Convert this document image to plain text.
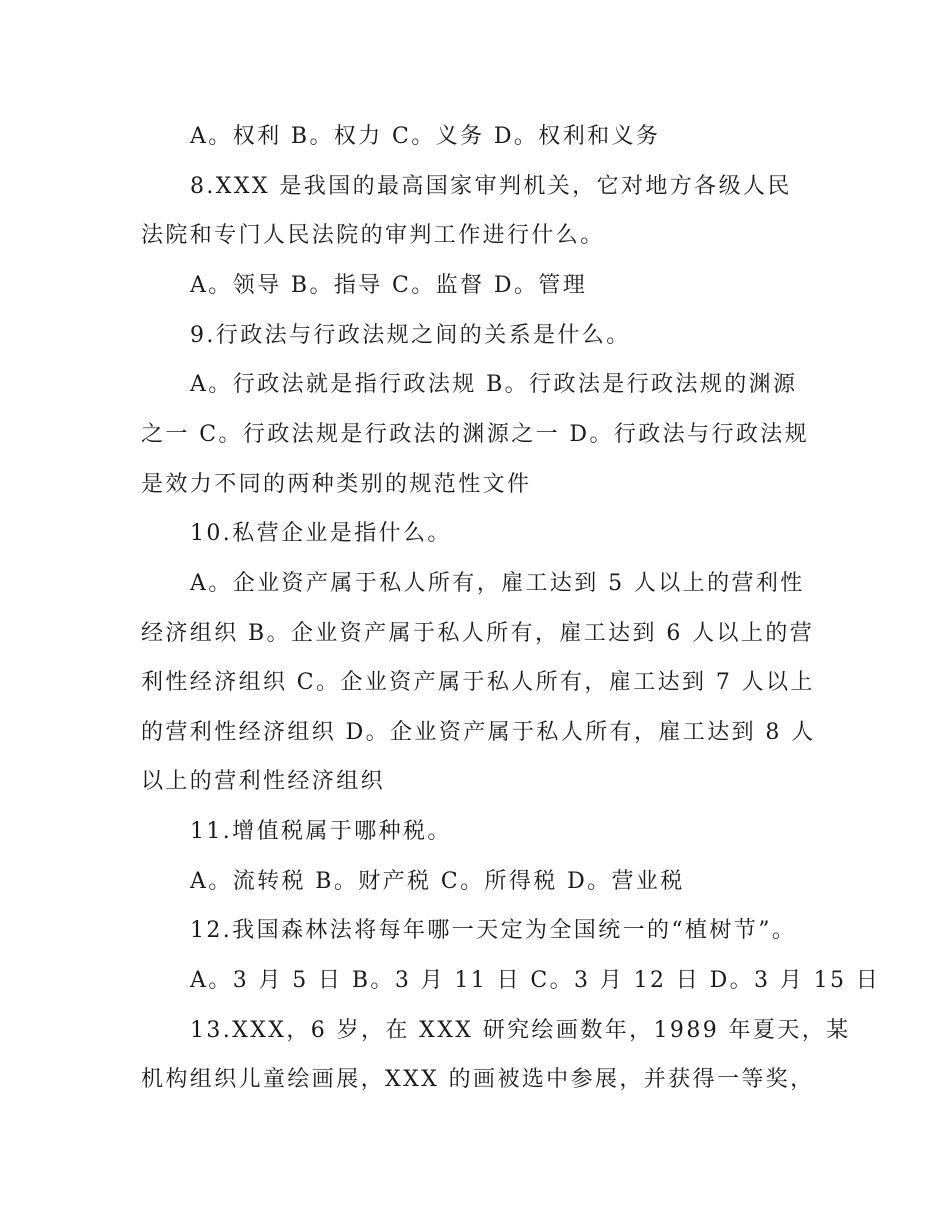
A。权利 B。权力 C。义务 D。权利和义务
8.XXX 是我国的最高国家审判机关，它对地方各级人民
法院和专门人民法院的审判工作进行什么。
A。领导 B。指导 C。监督 D。管理
9.行政法与行政法规之间的关系是什么。
A。行政法就是指行政法规 B。行政法是行政法规的渊源
之一 C。行政法规是行政法的渊源之一 D。行政法与行政法规
是效力不同的两种类别的规范性文件
10.私营企业是指什么。
A。企业资产属于私人所有，雇工达到 5 人以上的营利性
经济组织 B。企业资产属于私人所有，雇工达到 6 人以上的营
利性经济组织 C。企业资产属于私人所有，雇工达到 7 人以上
的营利性经济组织 D。企业资产属于私人所有，雇工达到 8 人
以上的营利性经济组织
11.增值税属于哪种税。
A。流转税 B。财产税 C。所得税 D。营业税
12.我国森林法将每年哪一天定为全国统一的“植树节”。
A。3 月 5 日 B。3 月 11 日 C。3 月 12 日 D。3 月 15 日
13.XXX，6 岁，在 XXX 研究绘画数年，1989 年夏天，某
机构组织儿童绘画展，XXX 的画被选中参展，并获得一等奖，
